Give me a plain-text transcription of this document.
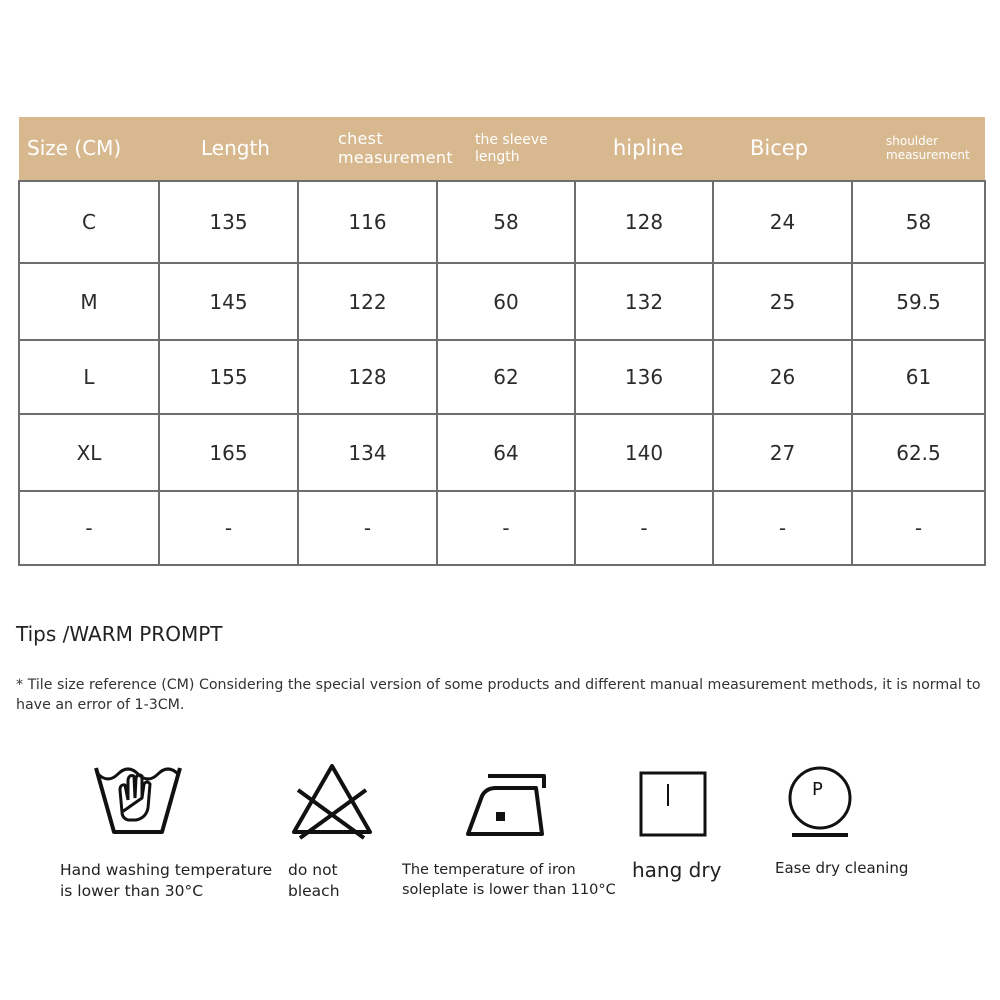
Size (CM)	Length	chest measurement	the sleeve length	hipline	Bicep	shoulder measurement
C	135	116	58	128	24	58
M	145	122	60	132	25	59.5
L	155	128	62	136	26	61
XL	165	134	64	140	27	62.5
-	-	-	-	-	-	-
Tips /WARM PROMPT
* Tile size reference (CM) Considering the special version of some products and different manual measurement methods, it is normal to have an error of 1-3CM.
Hand washing temperature is lower than 30°C
do not bleach
The temperature of iron soleplate is lower than 110°C
hang dry
P
Ease dry cleaning
